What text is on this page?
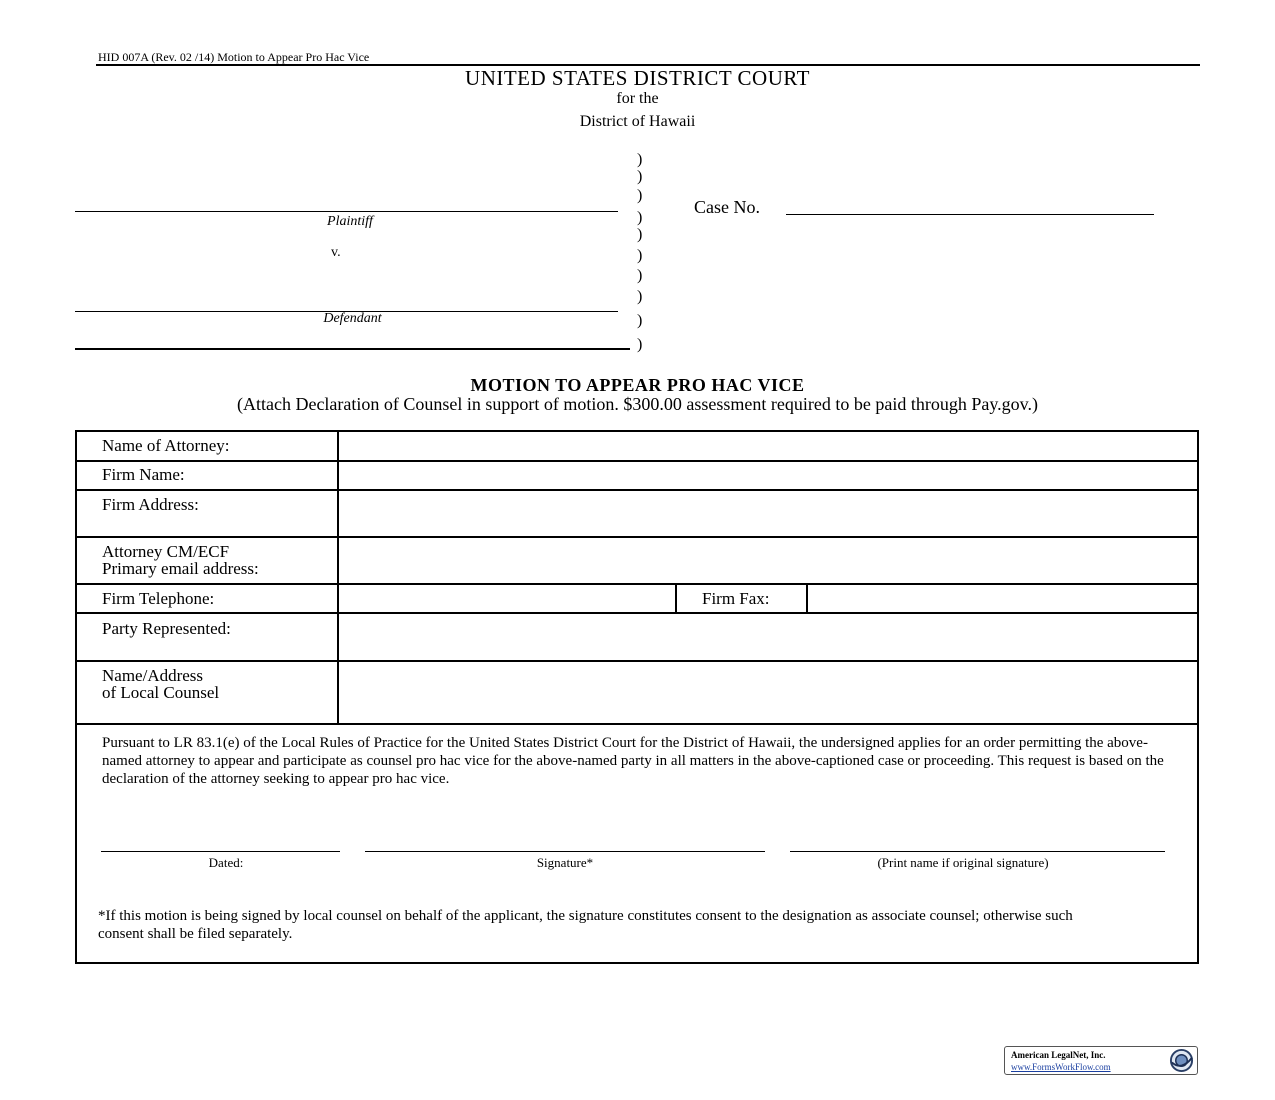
HID 007A (Rev. 02 /14) Motion to Appear Pro Hac Vice
UNITED STATES DISTRICT COURT
for the
District of Hawaii
)
)
)
)
)
)
)
)
)
)
Plaintiff
v.
Defendant
Case No.
MOTION TO APPEAR PRO HAC VICE
(Attach Declaration of Counsel in support of motion. $300.00 assessment required to be paid through Pay.gov.)
Name of Attorney:
Firm Name:
Firm Address:
Attorney CM/ECF
Primary email address:
Firm Telephone:	Firm Fax:
Party Represented:
Name/Address
of Local Counsel
Pursuant to LR 83.1(e) of the Local Rules of Practice for the United States District Court for the District of Hawaii, the undersigned applies for an order permitting the above-named attorney to appear and participate as counsel pro hac vice for the above-named party in all matters in the above-captioned case or proceeding. This request is based on the declaration of the attorney seeking to appear pro hac vice.
Dated:	Signature*	(Print name if original signature)
*If this motion is being signed by local counsel on behalf of the applicant, the signature constitutes consent to the designation as associate counsel; otherwise such consent shall be filed separately.
American LegalNet, Inc.
www.FormsWorkFlow.com
